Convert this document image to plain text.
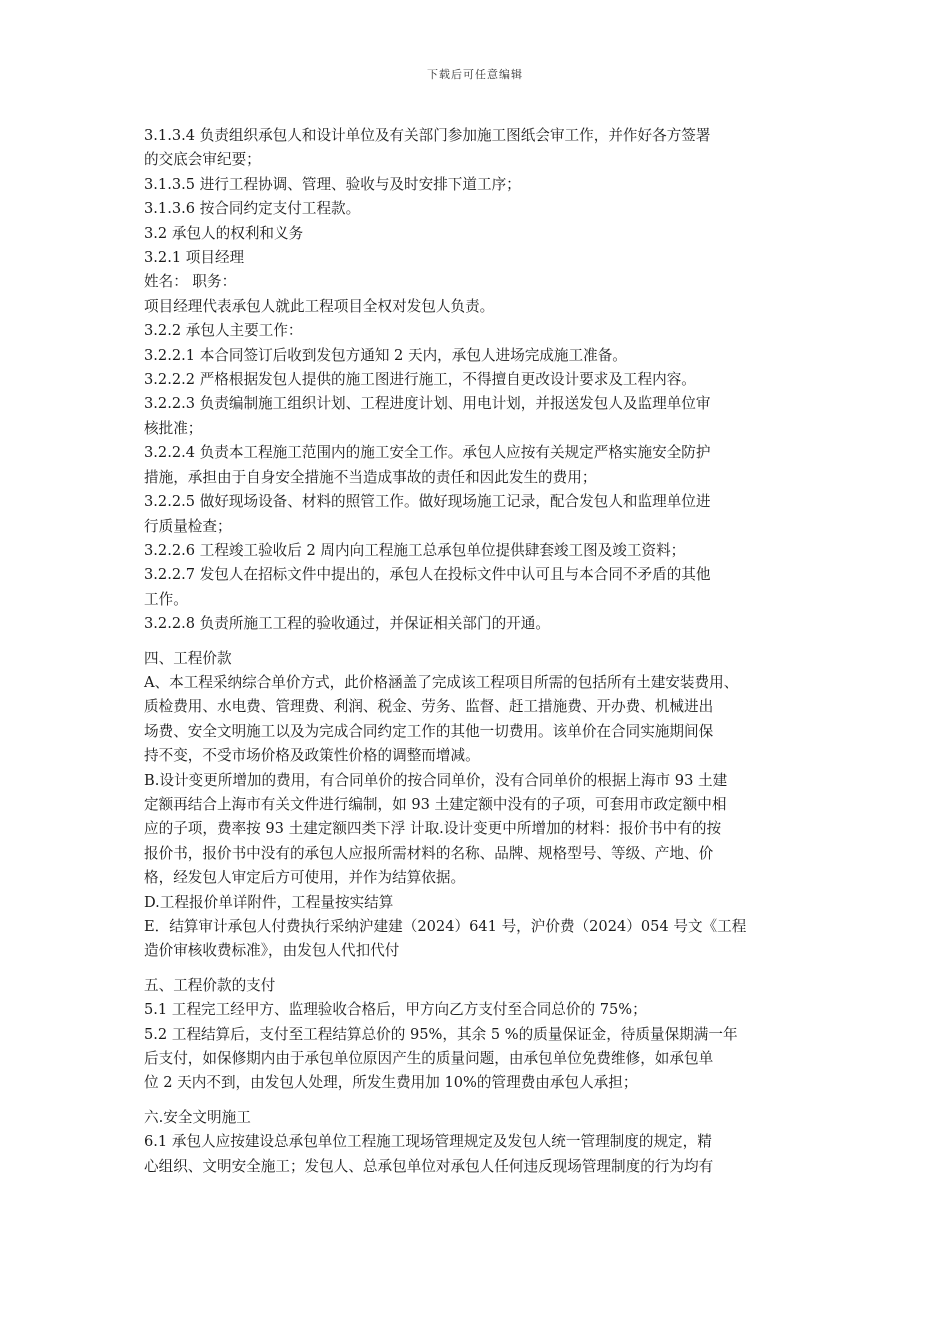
下载后可任意编辑

3.1.3.4 负责组织承包人和设计单位及有关部门参加施工图纸会审工作，并作好各方签署

的交底会审纪要；

3.1.3.5 进行工程协调、管理、验收与及时安排下道工序；

3.1.3.6 按合同约定支付工程款。

3.2 承包人的权利和义务

3.2.1 项目经理

姓名： 职务：

项目经理代表承包人就此工程项目全权对发包人负责。

3.2.2 承包人主要工作：

3.2.2.1 本合同签订后收到发包方通知 2 天内，承包人进场完成施工准备。

3.2.2.2 严格根据发包人提供的施工图进行施工，不得擅自更改设计要求及工程内容。

3.2.2.3 负责编制施工组织计划、工程进度计划、用电计划，并报送发包人及监理单位审

核批准；

3.2.2.4 负责本工程施工范围内的施工安全工作。承包人应按有关规定严格实施安全防护

措施，承担由于自身安全措施不当造成事故的责任和因此发生的费用；

3.2.2.5 做好现场设备、材料的照管工作。做好现场施工记录，配合发包人和监理单位进

行质量检查；

3.2.2.6 工程竣工验收后 2 周内向工程施工总承包单位提供肆套竣工图及竣工资料；

3.2.2.7 发包人在招标文件中提出的，承包人在投标文件中认可且与本合同不矛盾的其他

工作。

3.2.2.8 负责所施工工程的验收通过，并保证相关部门的开通。

四、工程价款

A、本工程采纳综合单价方式，此价格涵盖了完成该工程项目所需的包括所有土建安装费用、

质检费用、水电费、管理费、利润、税金、劳务、监督、赶工措施费、开办费、机械进出

场费、安全文明施工以及为完成合同约定工作的其他一切费用。该单价在合同实施期间保

持不变，不受市场价格及政策性价格的调整而增减。

B.设计变更所增加的费用，有合同单价的按合同单价，没有合同单价的根据上海市 93 土建

定额再结合上海市有关文件进行编制，如 93 土建定额中没有的子项，可套用市政定额中相

应的子项，费率按 93 土建定额四类下浮 计取.设计变更中所增加的材料：报价书中有的按

报价书，报价书中没有的承包人应报所需材料的名称、品牌、规格型号、等级、产地、价

格，经发包人审定后方可使用，并作为结算依据。

D.工程报价单详附件，工程量按实结算

E．结算审计承包人付费执行采纳沪建建（2024）641 号，沪价费（2024）054 号文《工程

造价审核收费标准》，由发包人代扣代付

五、工程价款的支付

5.1 工程完工经甲方、监理验收合格后，甲方向乙方支付至合同总价的 75%；

5.2 工程结算后，支付至工程结算总价的 95%，其余 5 %的质量保证金，待质量保期满一年

后支付，如保修期内由于承包单位原因产生的质量问题，由承包单位免费维修，如承包单

位 2 天内不到，由发包人处理，所发生费用加 10%的管理费由承包人承担；

六.安全文明施工

6.1 承包人应按建设总承包单位工程施工现场管理规定及发包人统一管理制度的规定，精

心组织、文明安全施工；发包人、总承包单位对承包人任何违反现场管理制度的行为均有
